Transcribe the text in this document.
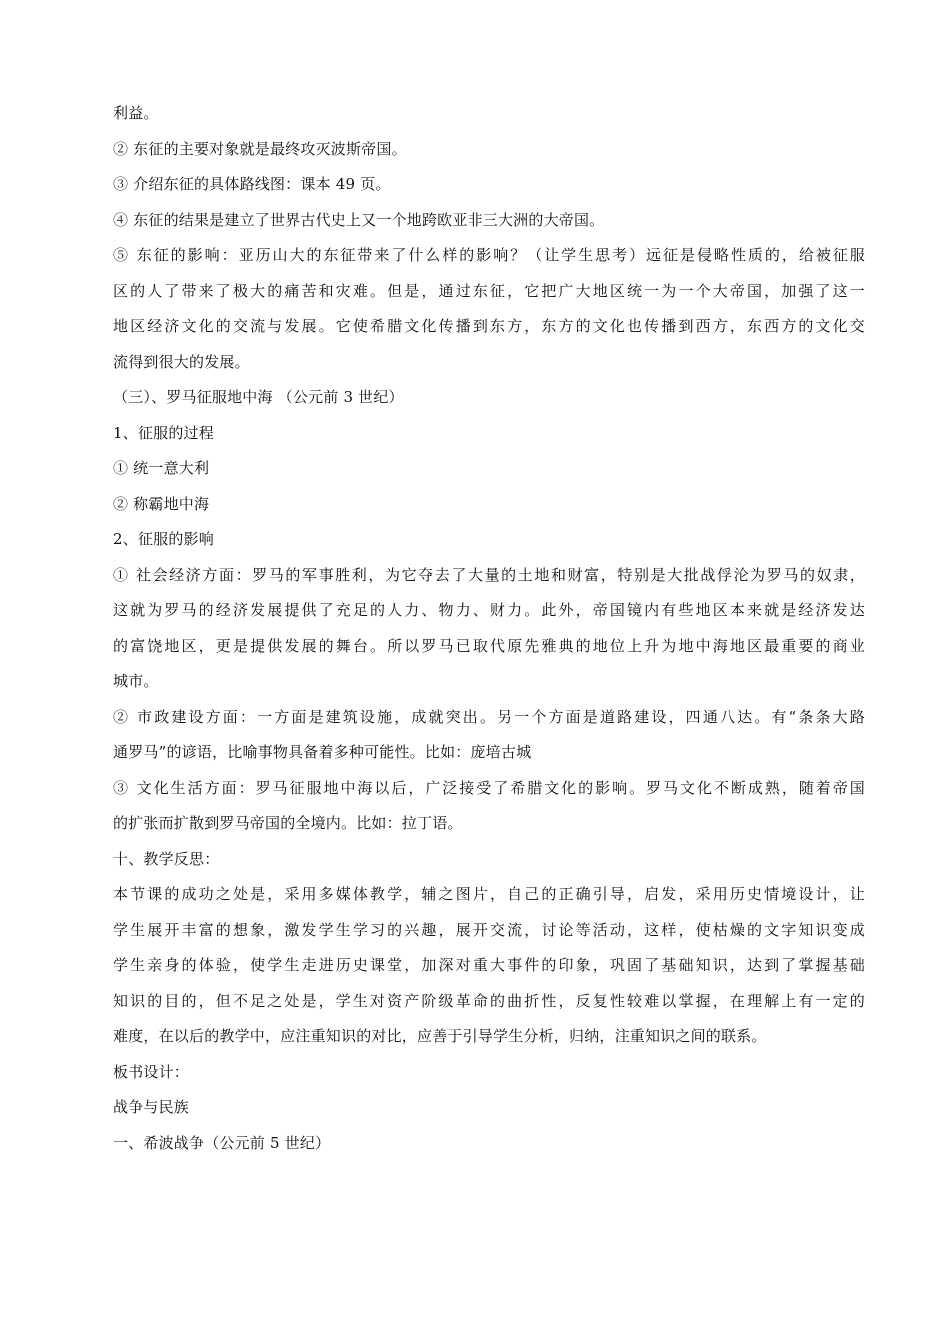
利益。
② 东征的主要对象就是最终攻灭波斯帝国。
③ 介绍东征的具体路线图：课本 49 页。
④ 东征的结果是建立了世界古代史上又一个地跨欧亚非三大洲的大帝国。
⑤ 东征的影响：亚历山大的东征带来了什么样的影响？（让学生思考）远征是侵略性质的，给被征服
区的人了带来了极大的痛苦和灾难。但是，通过东征，它把广大地区统一为一个大帝国，加强了这一
地区经济文化的交流与发展。它使希腊文化传播到东方，东方的文化也传播到西方，东西方的文化交
流得到很大的发展。
（三）、罗马征服地中海 （公元前 3 世纪）
1、征服的过程
① 统一意大利
② 称霸地中海
2、征服的影响
① 社会经济方面：罗马的军事胜利，为它夺去了大量的土地和财富，特别是大批战俘沦为罗马的奴隶，
这就为罗马的经济发展提供了充足的人力、物力、财力。此外，帝国镜内有些地区本来就是经济发达
的富饶地区，更是提供发展的舞台。所以罗马已取代原先雅典的地位上升为地中海地区最重要的商业
城市。
② 市政建设方面：一方面是建筑设施，成就突出。另一个方面是道路建设，四通八达。有“条条大路
通罗马”的谚语，比喻事物具备着多种可能性。比如：庞培古城
③ 文化生活方面：罗马征服地中海以后，广泛接受了希腊文化的影响。罗马文化不断成熟，随着帝国
的扩张而扩散到罗马帝国的全境内。比如：拉丁语。
十、教学反思：
本节课的成功之处是，采用多媒体教学，辅之图片，自己的正确引导，启发，采用历史情境设计，让
学生展开丰富的想象，激发学生学习的兴趣，展开交流，讨论等活动，这样，使枯燥的文字知识变成
学生亲身的体验，使学生走进历史课堂，加深对重大事件的印象，巩固了基础知识，达到了掌握基础
知识的目的，但不足之处是，学生对资产阶级革命的曲折性，反复性较难以掌握，在理解上有一定的
难度，在以后的教学中，应注重知识的对比，应善于引导学生分析，归纳，注重知识之间的联系。
板书设计：
战争与民族
一、希波战争（公元前 5 世纪）
